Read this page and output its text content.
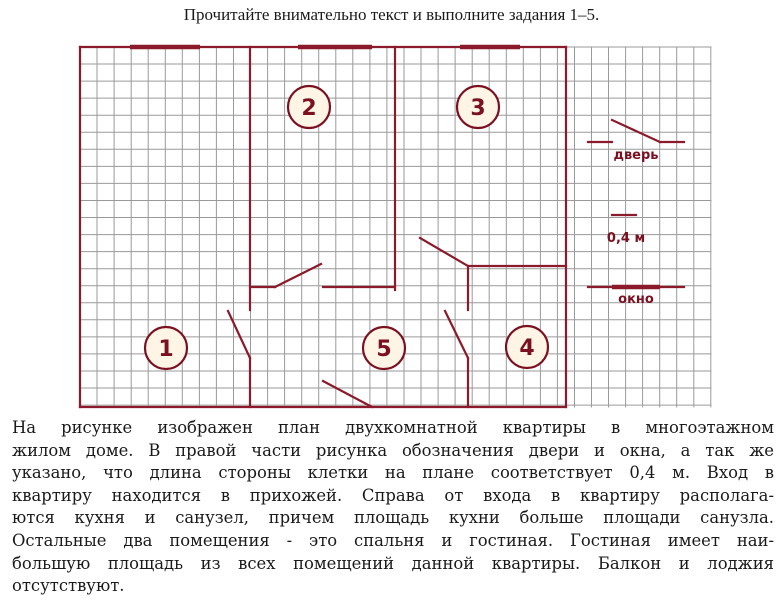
Прочитайте внимательно текст и выполните задания 1–5.
1
2	3
4
5
дверь
0,4 м
окно
На рисунке изображен план двухкомнатной квартиры в многоэтажном
жилом доме. В правой части рисунка обозначения двери и окна, а так же
указано, что длина стороны клетки на плане соответствует 0,4 м. Вход в
квартиру находится в прихожей. Справа от входа в квартиру располага-
ются кухня и санузел, причем площадь кухни больше площади санузла.
Остальные два помещения - это спальня и гостиная. Гостиная имеет наи-
большую площадь из всех помещений данной квартиры. Балкон и лоджия
отсутствуют.
